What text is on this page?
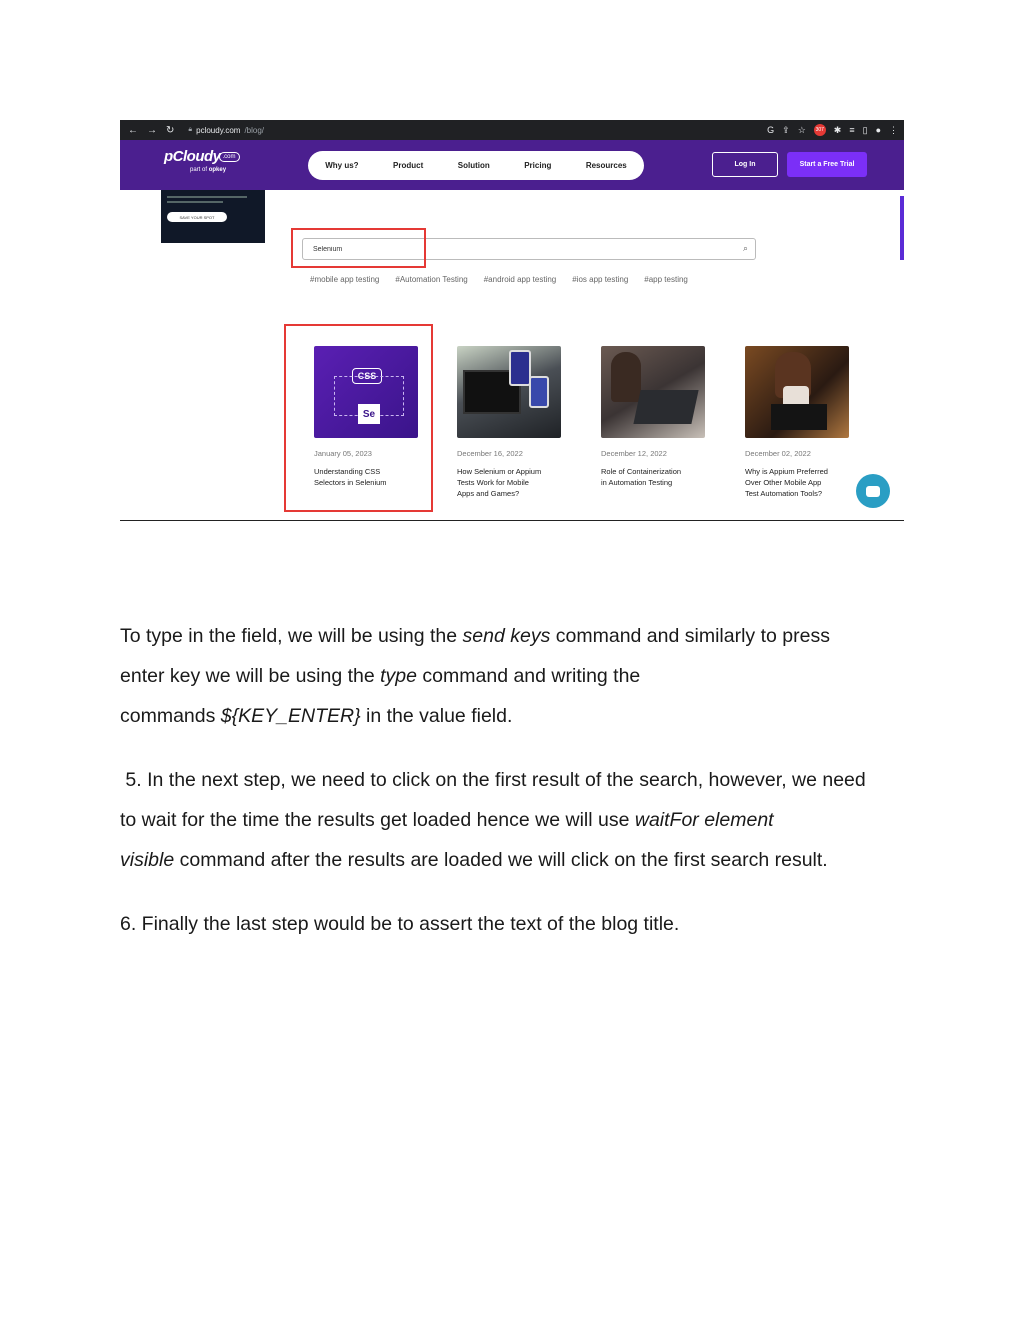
← → ↻ 🔒︎ pcloudy.com /blog/	G ⇪ ☆	307 ✱ ≡ ▯ ● ⋮
pCloudy .com
part of opkey	Why us?	Product	Solution	Pricing	Resources	Log In	Start a Free Trial
SAVE YOUR SPOT
Selenium
⌕
#mobile app testing #Automation Testing #android app testing #ios app testing #app testing
CSS
Se
January 05, 2023
Understanding CSS
Selectors in Selenium
December 16, 2022
How Selenium or Appium
Tests Work for Mobile
Apps and Games?
December 12, 2022
Role of Containerization
in Automation Testing
December 02, 2022
Why is Appium Preferred
Over Other Mobile App
Test Automation Tools?
To type in the field, we will be using the send keys command and similarly to press
enter key we will be using the type command and writing the
commands ${KEY_ENTER} in the value field.
5. In the next step, we need to click on the first result of the search, however, we need
to wait for the time the results get loaded hence we will use waitFor element
visible command after the results are loaded we will click on the first search result.
6. Finally the last step would be to assert the text of the blog title.
